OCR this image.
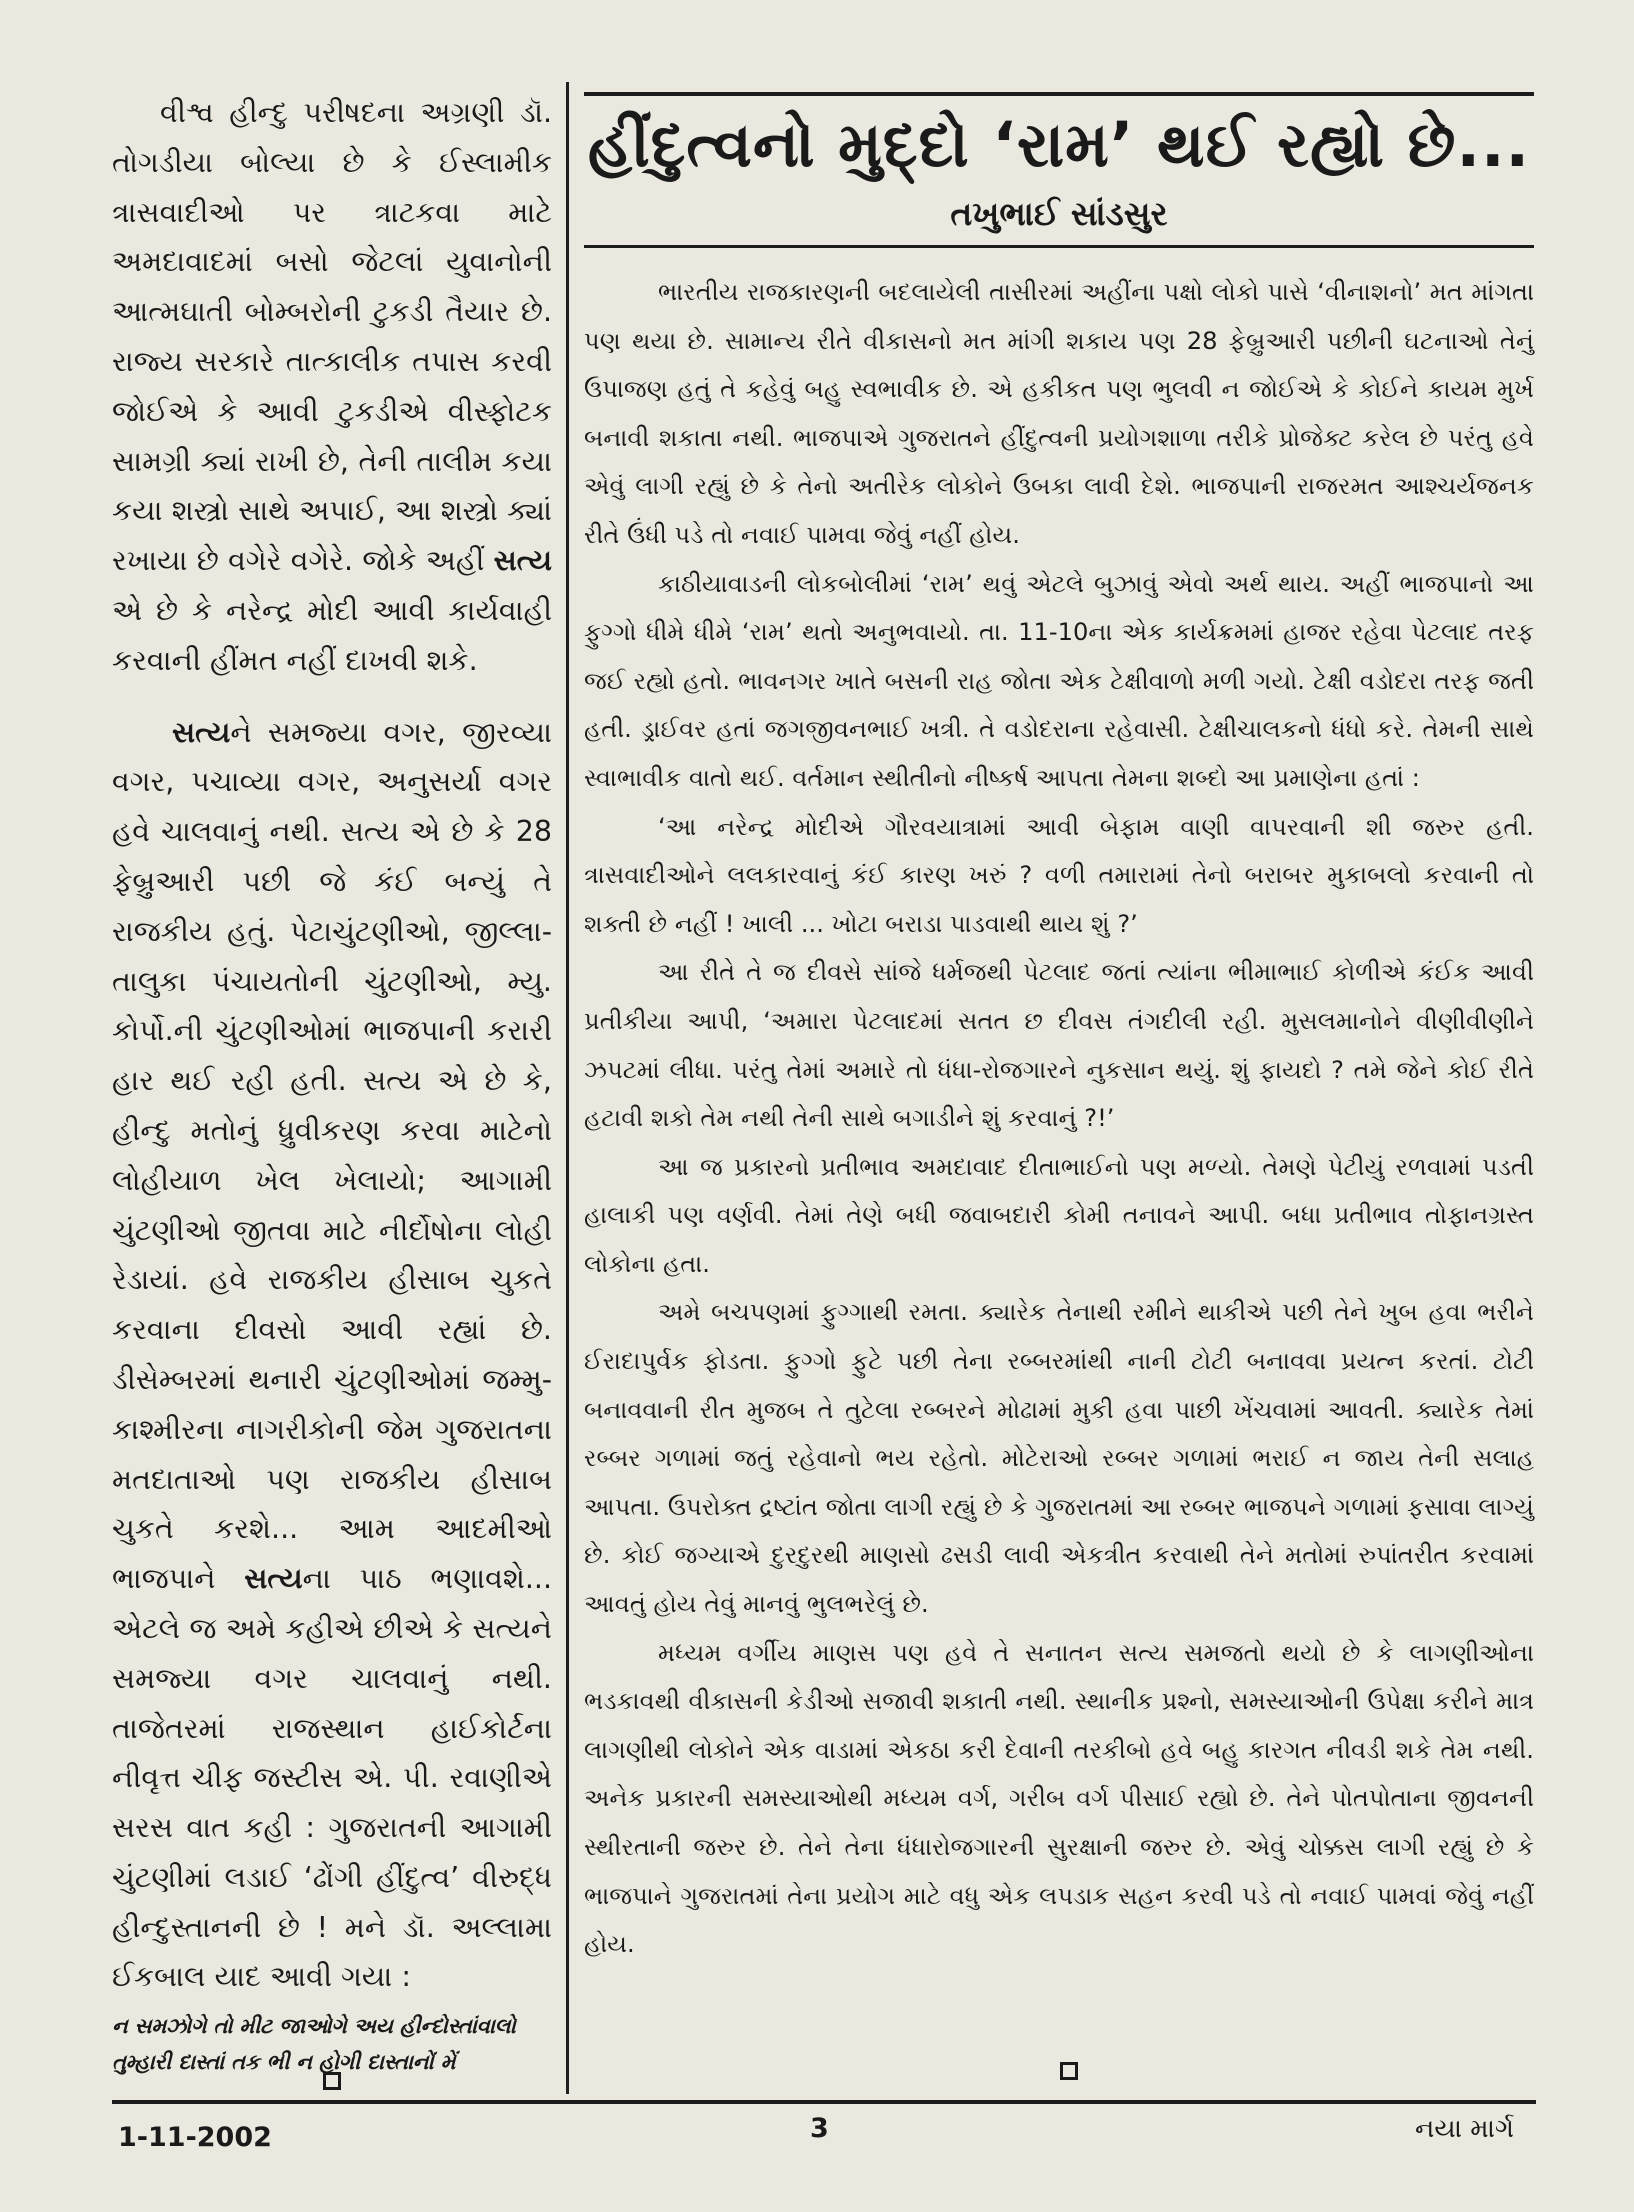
વીશ્વ હીન્દુ પરીષદના અગ્રણી ડૉ. તોગડીયા બોલ્યા છે કે ઈસ્લામીક ત્રાસવાદીઓ પર ત્રાટકવા માટે અમદાવાદમાં બસો જેટલાં યુવાનોની આત્મઘાતી બોમ્બરોની ટુકડી તૈયાર છે. રાજ્ય સરકારે તાત્કાલીક તપાસ કરવી જોઈએ કે આવી ટુકડીએ વીસ્ફોટક સામગ્રી ક્યાં રાખી છે, તેની તાલીમ કયા કયા શસ્ત્રો સાથે અપાઈ, આ શસ્ત્રો ક્યાં રખાયા છે વગેરે વગેરે. જોકે અહીં સત્ય એ છે કે નરેન્દ્ર મોદી આવી કાર્યવાહી કરવાની હીંમત નહીં દાખવી શકે.

સત્યને સમજ્યા વગર, જીરવ્યા વગર, પચાવ્યા વગર, અનુસર્યા વગર હવે ચાલવાનું નથી. સત્ય એ છે કે 28 ફેબ્રુઆરી પછી જે કંઈ બન્યું તે રાજકીય હતું. પેટાચુંટણીઓ, જીલ્લા-તાલુકા પંચાયતોની ચુંટણીઓ, મ્યુ. કોર્પો.ની ચુંટણીઓમાં ભાજપાની કરારી હાર થઈ રહી હતી. સત્ય એ છે કે, હીન્દુ મતોનું ધ્રુવીકરણ કરવા માટેનો લોહીયાળ ખેલ ખેલાયો; આગામી ચુંટણીઓ જીતવા માટે નીર્દોષોના લોહી રેડાયાં. હવે રાજકીય હીસાબ ચુકતે કરવાના દીવસો આવી રહ્યાં છે. ડીસેમ્બરમાં થનારી ચુંટણીઓમાં જમ્મુ-કાશ્મીરના નાગરીકોની જેમ ગુજરાતના મતદાતાઓ પણ રાજકીય હીસાબ ચુકતે કરશે... આમ આદમીઓ ભાજપાને સત્યના પાઠ ભણાવશે... એટલે જ અમે કહીએ છીએ કે સત્યને સમજ્યા વગર ચાલવાનું નથી. તાજેતરમાં રાજસ્થાન હાઈકોર્ટના નીવૃત્ત ચીફ જસ્ટીસ એ. પી. રવાણીએ સરસ વાત કહી : ગુજરાતની આગામી ચુંટણીમાં લડાઈ ‘ઢોંગી હીંદુત્વ’ વીરુદ્ધ હીન્દુસ્તાનની છે ! મને ડૉ. અલ્લામા ઈકબાલ યાદ આવી ગયા :

ન સમઝોગે તો મીટ જાઓગે અય હીન્દોસ્તાંવાલો
તુમ્હારી દાસ્તાં તક ભી ન હોગી દાસ્તાનોં મેં

હીંદુત્વનો મુદ્દો ‘રામ’ થઈ રહ્યો છે...
તખુભાઈ સાંડસુર

ભારતીય રાજકારણની બદલાયેલી તાસીરમાં અહીંના પક્ષો લોકો પાસે ‘વીનાશનો’ મત માંગતા પણ થયા છે. સામાન્ય રીતે વીકાસનો મત માંગી શકાય પણ 28 ફેબ્રુઆરી પછીની ઘટનાઓ તેનું ઉપાજણ હતું તે કહેવું બહુ સ્વભાવીક છે. એ હકીકત પણ ભુલવી ન જોઈએ કે કોઈને કાયમ મુર્ખ બનાવી શકાતા નથી. ભાજપાએ ગુજરાતને હીંદુત્વની પ્રયોગશાળા તરીકે પ્રોજેક્ટ કરેલ છે પરંતુ હવે એવું લાગી રહ્યું છે કે તેનો અતીરેક લોકોને ઉબકા લાવી દેશે. ભાજપાની રાજરમત આશ્ચર્યજનક રીતે ઉંધી પડે તો નવાઈ પામવા જેવું નહીં હોય.

કાઠીયાવાડની લોકબોલીમાં ‘રામ’ થવું એટલે બુઝાવું એવો અર્થ થાય. અહીં ભાજપાનો આ ફુગ્ગો ધીમે ધીમે ‘રામ’ થતો અનુભવાયો. તા. 11-10ના એક કાર્યક્રમમાં હાજર રહેવા પેટલાદ તરફ જઈ રહ્યો હતો. ભાવનગર ખાતે બસની રાહ જોતા એક ટેક્ષીવાળો મળી ગયો. ટેક્ષી વડોદરા તરફ જતી હતી. ડ્રાઈવર હતાં જગજીવનભાઈ ખત્રી. તે વડોદરાના રહેવાસી. ટેક્ષીચાલકનો ધંધો કરે. તેમની સાથે સ્વાભાવીક વાતો થઈ. વર્તમાન સ્થીતીનો નીષ્કર્ષ આપતા તેમના શબ્દો આ પ્રમાણેના હતાં :

‘આ નરેન્દ્ર મોદીએ ગૌરવયાત્રામાં આવી બેફામ વાણી વાપરવાની શી જરુર હતી. ત્રાસવાદીઓને લલકારવાનું કંઈ કારણ ખરું ? વળી તમારામાં તેનો બરાબર મુકાબલો કરવાની તો શક્તી છે નહીં ! ખાલી ... ખોટા બરાડા પાડવાથી થાય શું ?’

આ રીતે તે જ દીવસે સાંજે ધર્મજથી પેટલાદ જતાં ત્યાંના ભીમાભાઈ કોળીએ કંઈક આવી પ્રતીકીયા આપી, ‘અમારા પેટલાદમાં સતત છ દીવસ તંગદીલી રહી. મુસલમાનોને વીણીવીણીને ઝપટમાં લીધા. પરંતુ તેમાં અમારે તો ધંધા-રોજગારને નુકસાન થયું. શું ફાયદો ? તમે જેને કોઈ રીતે હટાવી શકો તેમ નથી તેની સાથે બગાડીને શું કરવાનું ?!’

આ જ પ્રકારનો પ્રતીભાવ અમદાવાદ દીતાભાઈનો પણ મળ્યો. તેમણે પેટીયું રળવામાં પડતી હાલાકી પણ વર્ણવી. તેમાં તેણે બધી જવાબદારી કોમી તનાવને આપી. બધા પ્રતીભાવ તોફાનગ્રસ્ત લોકોના હતા.

અમે બચપણમાં ફુગ્ગાથી રમતા. ક્યારેક તેનાથી રમીને થાકીએ પછી તેને ખુબ હવા ભરીને ઈરાદાપુર્વક ફોડતા. ફુગ્ગો ફુટે પછી તેના રબ્બરમાંથી નાની ટોટી બનાવવા પ્રયત્ન કરતાં. ટોટી બનાવવાની રીત મુજબ તે તુટેલા રબ્બરને મોઢામાં મુકી હવા પાછી ખેંચવામાં આવતી. ક્યારેક તેમાં રબ્બર ગળામાં જતું રહેવાનો ભય રહેતો. મોટેરાઓ રબ્બર ગળામાં ભરાઈ ન જાય તેની સલાહ આપતા. ઉપરોક્ત દ્રષ્ટાંત જોતા લાગી રહ્યું છે કે ગુજરાતમાં આ રબ્બર ભાજપને ગળામાં ફસાવા લાગ્યું છે. કોઈ જગ્યાએ દુરદુરથી માણસો ઢસડી લાવી એકત્રીત કરવાથી તેને મતોમાં રુપાંતરીત કરવામાં આવતું હોય તેવું માનવું ભુલભરેલું છે.

મધ્યમ વર્ગીય માણસ પણ હવે તે સનાતન સત્ય સમજતો થયો છે કે લાગણીઓના ભડકાવથી વીકાસની કેડીઓ સજાવી શકાતી નથી. સ્થાનીક પ્રશ્નો, સમસ્યાઓની ઉપેક્ષા કરીને માત્ર લાગણીથી લોકોને એક વાડામાં એકઠા કરી દેવાની તરકીબો હવે બહુ કારગત નીવડી શકે તેમ નથી. અનેક પ્રકારની સમસ્યાઓથી મધ્યમ વર્ગ, ગરીબ વર્ગ પીસાઈ રહ્યો છે. તેને પોતપોતાના જીવનની સ્થીરતાની જરુર છે. તેને તેના ધંધારોજગારની સુરક્ષાની જરુર છે. એવું ચોક્કસ લાગી રહ્યું છે કે ભાજપાને ગુજરાતમાં તેના પ્રયોગ માટે વધુ એક લપડાક સહન કરવી પડે તો નવાઈ પામવાં જેવું નહીં હોય.

1-11-2002	3	નયા માર્ગ
